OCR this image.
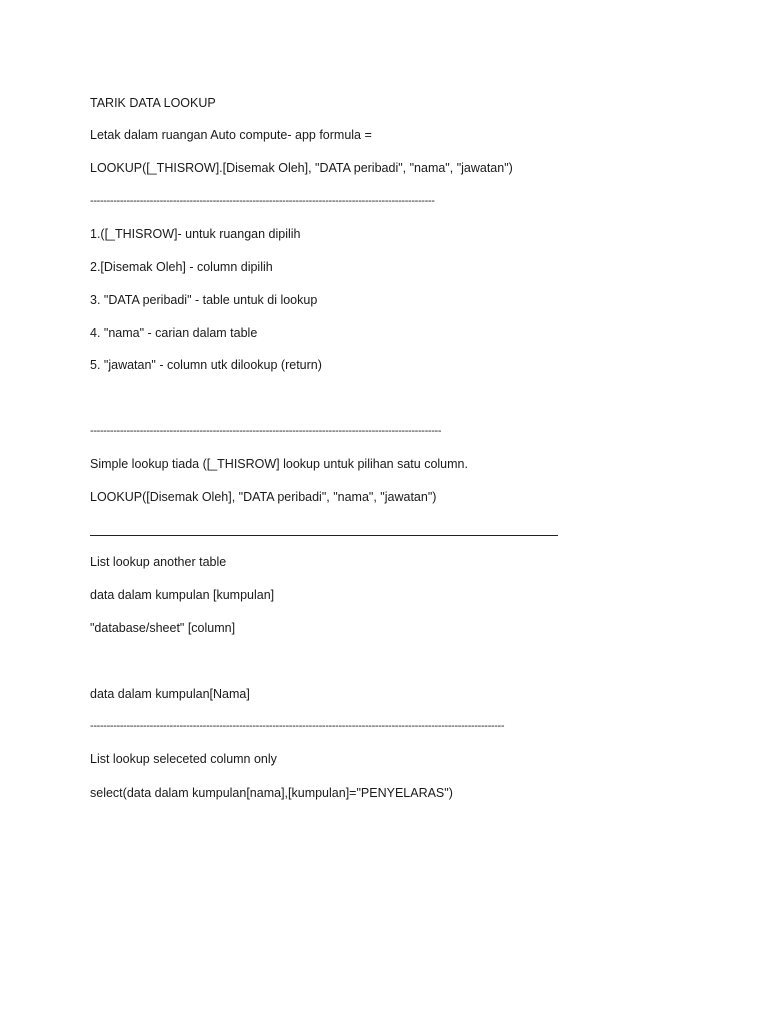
TARIK DATA LOOKUP
Letak dalam ruangan Auto compute- app formula =
LOOKUP([_THISROW].[Disemak Oleh], "DATA peribadi", "nama", "jawatan")
--------------------------------------------------------------------------------------------------------
1.([_THISROW]- untuk ruangan dipilih
2.[Disemak Oleh] - column dipilih
3. "DATA peribadi" - table untuk di lookup
4. "nama" - carian dalam table
5. "jawatan" - column utk dilookup (return)
----------------------------------------------------------------------------------------------------------
Simple lookup tiada ([_THISROW] lookup untuk pilihan satu column.
LOOKUP([Disemak Oleh], "DATA peribadi", "nama", "jawatan")
List lookup another table
data dalam kumpulan [kumpulan]
"database/sheet" [column]
data dalam kumpulan[Nama]
-----------------------------------------------------------------------------------------------------------------------------
List lookup seleceted column only
select(data dalam kumpulan[nama],[kumpulan]="PENYELARAS")
